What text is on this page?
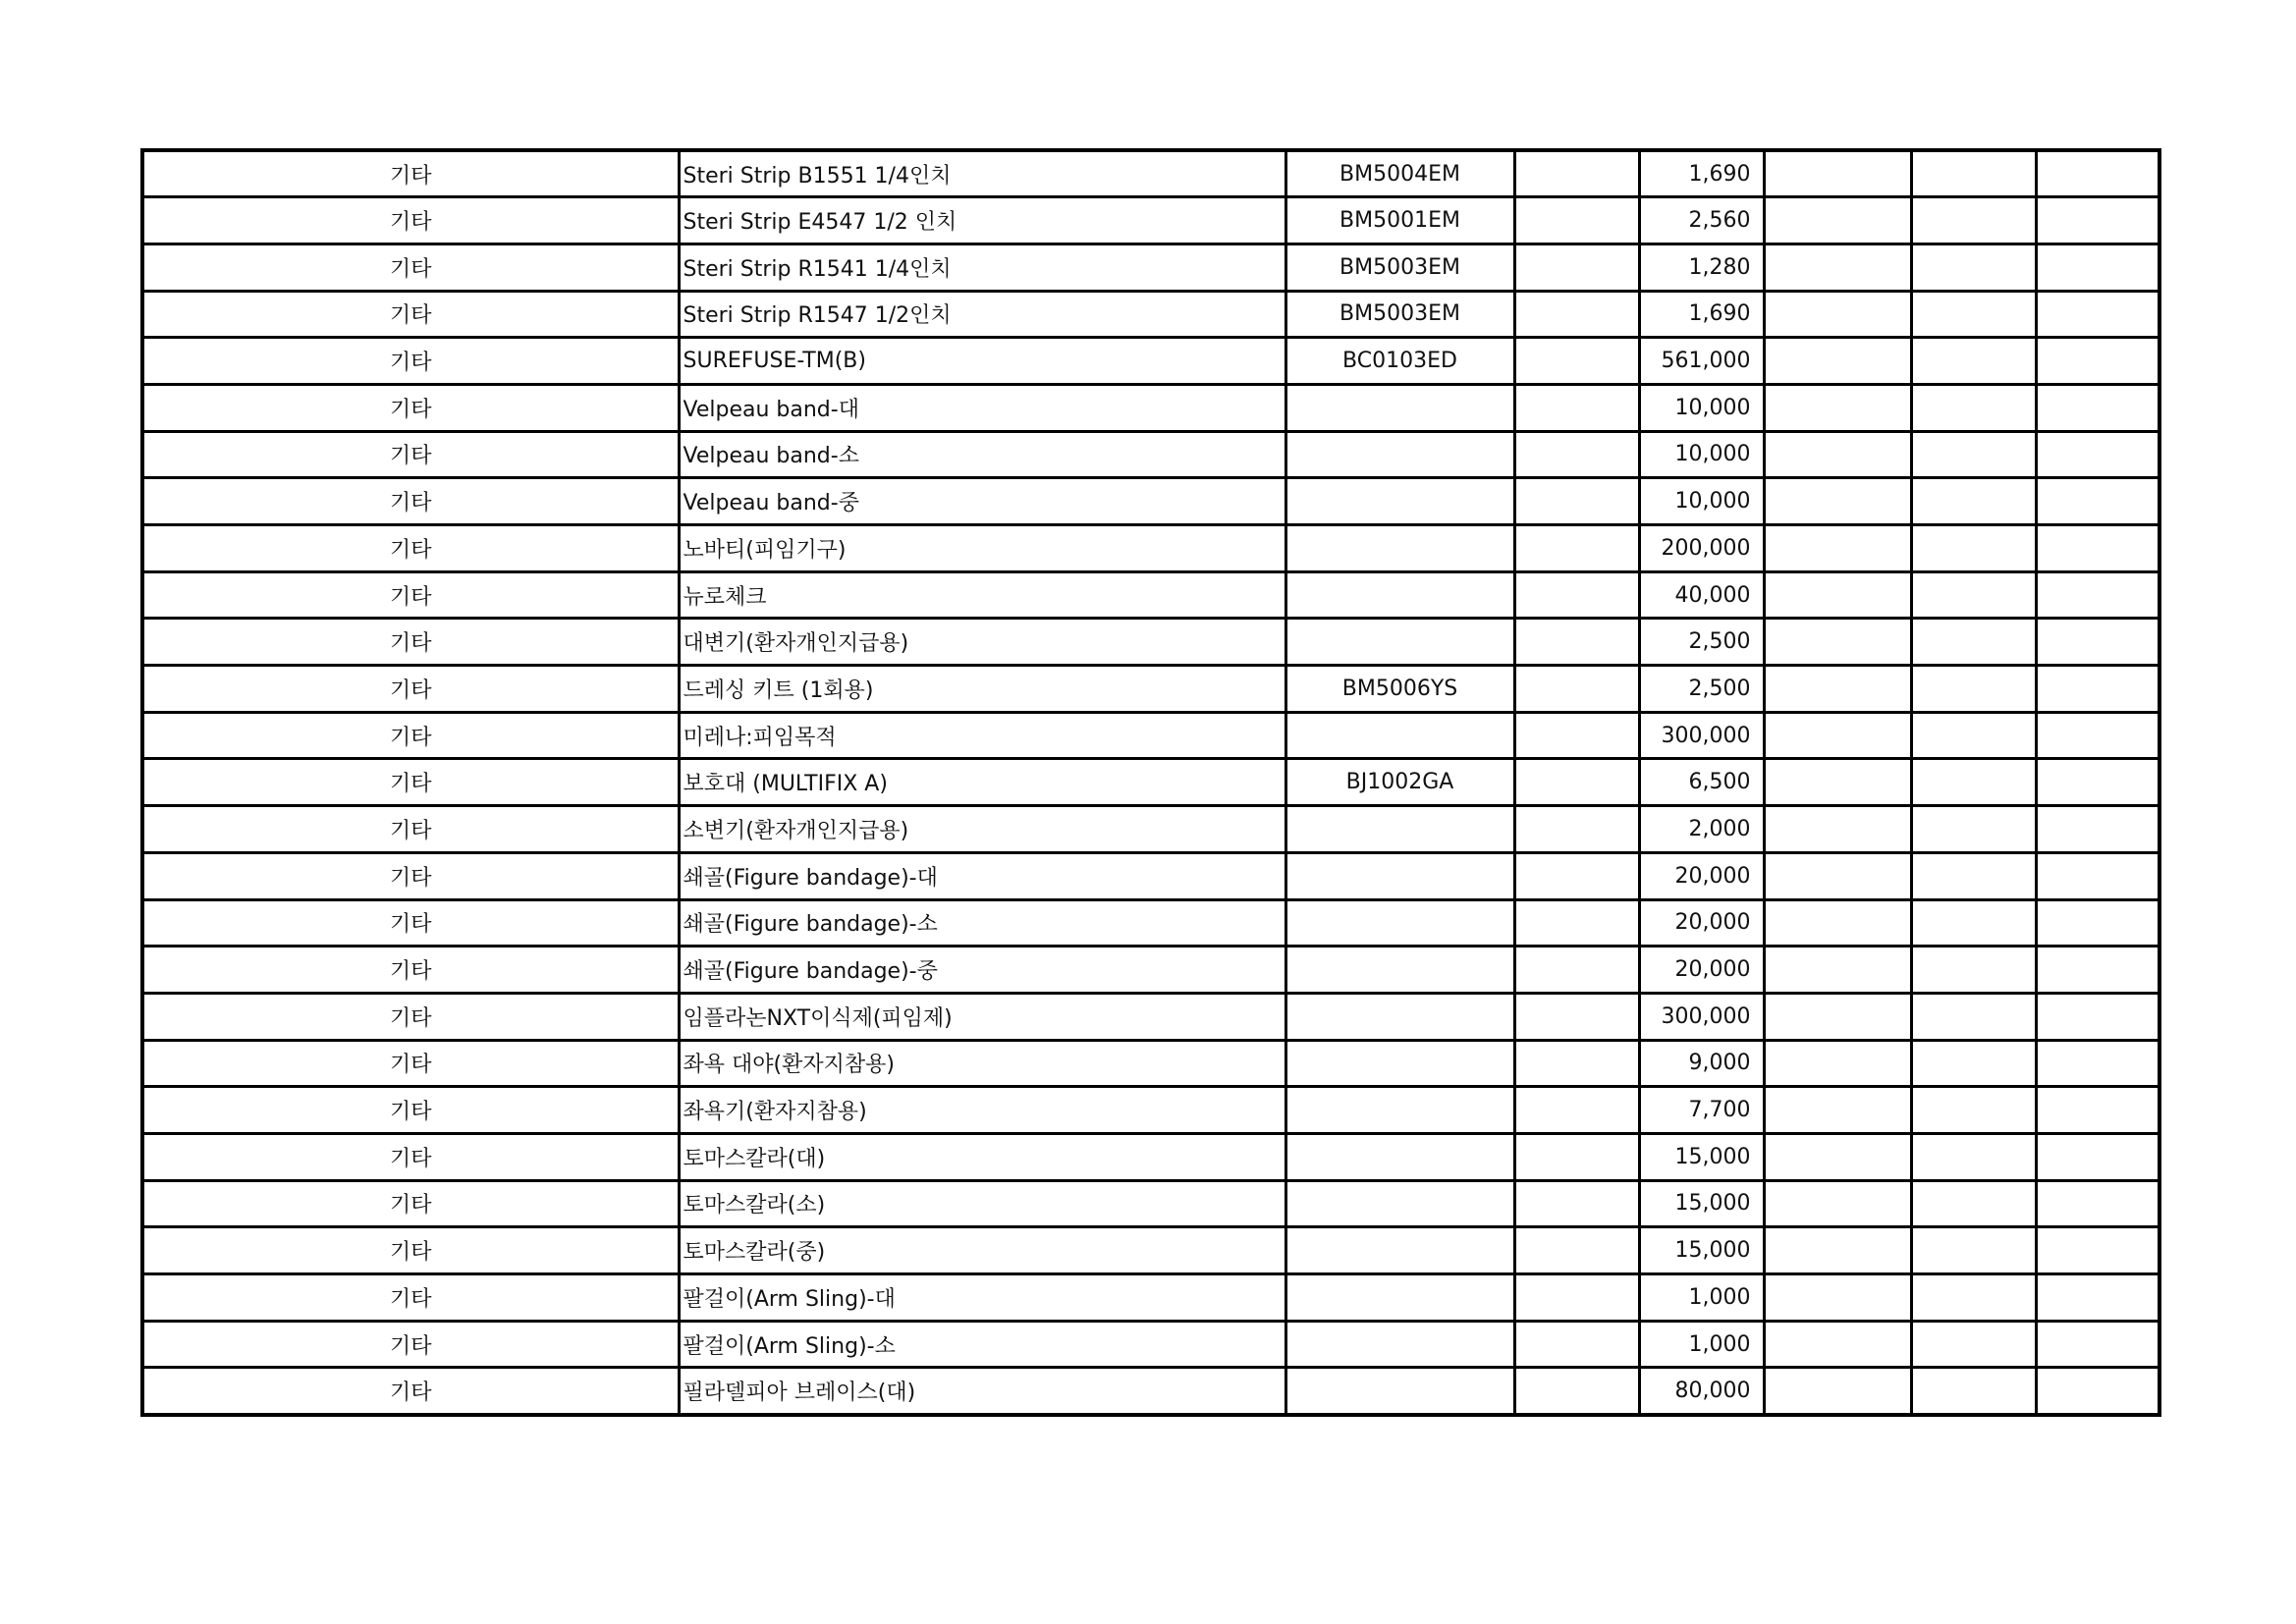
기타	Steri Strip B1551 1/4인치	BM5004EM		1,690			
기타	Steri Strip E4547 1/2 인치	BM5001EM		2,560			
기타	Steri Strip R1541 1/4인치	BM5003EM		1,280			
기타	Steri Strip R1547 1/2인치	BM5003EM		1,690			
기타	SUREFUSE-TM(B)	BC0103ED		561,000			
기타	Velpeau band-대			10,000			
기타	Velpeau band-소			10,000			
기타	Velpeau band-중			10,000			
기타	노바티(피임기구)			200,000			
기타	뉴로체크			40,000			
기타	대변기(환자개인지급용)			2,500			
기타	드레싱 키트 (1회용)	BM5006YS		2,500			
기타	미레나:피임목적			300,000			
기타	보호대 (MULTIFIX A)	BJ1002GA		6,500			
기타	소변기(환자개인지급용)			2,000			
기타	쇄골(Figure bandage)-대			20,000			
기타	쇄골(Figure bandage)-소			20,000			
기타	쇄골(Figure bandage)-중			20,000			
기타	임플라논NXT이식제(피임제)			300,000			
기타	좌욕 대야(환자지참용)			9,000			
기타	좌욕기(환자지참용)			7,700			
기타	토마스칼라(대)			15,000			
기타	토마스칼라(소)			15,000			
기타	토마스칼라(중)			15,000			
기타	팔걸이(Arm Sling)-대			1,000			
기타	팔걸이(Arm Sling)-소			1,000			
기타	필라델피아 브레이스(대)			80,000			
